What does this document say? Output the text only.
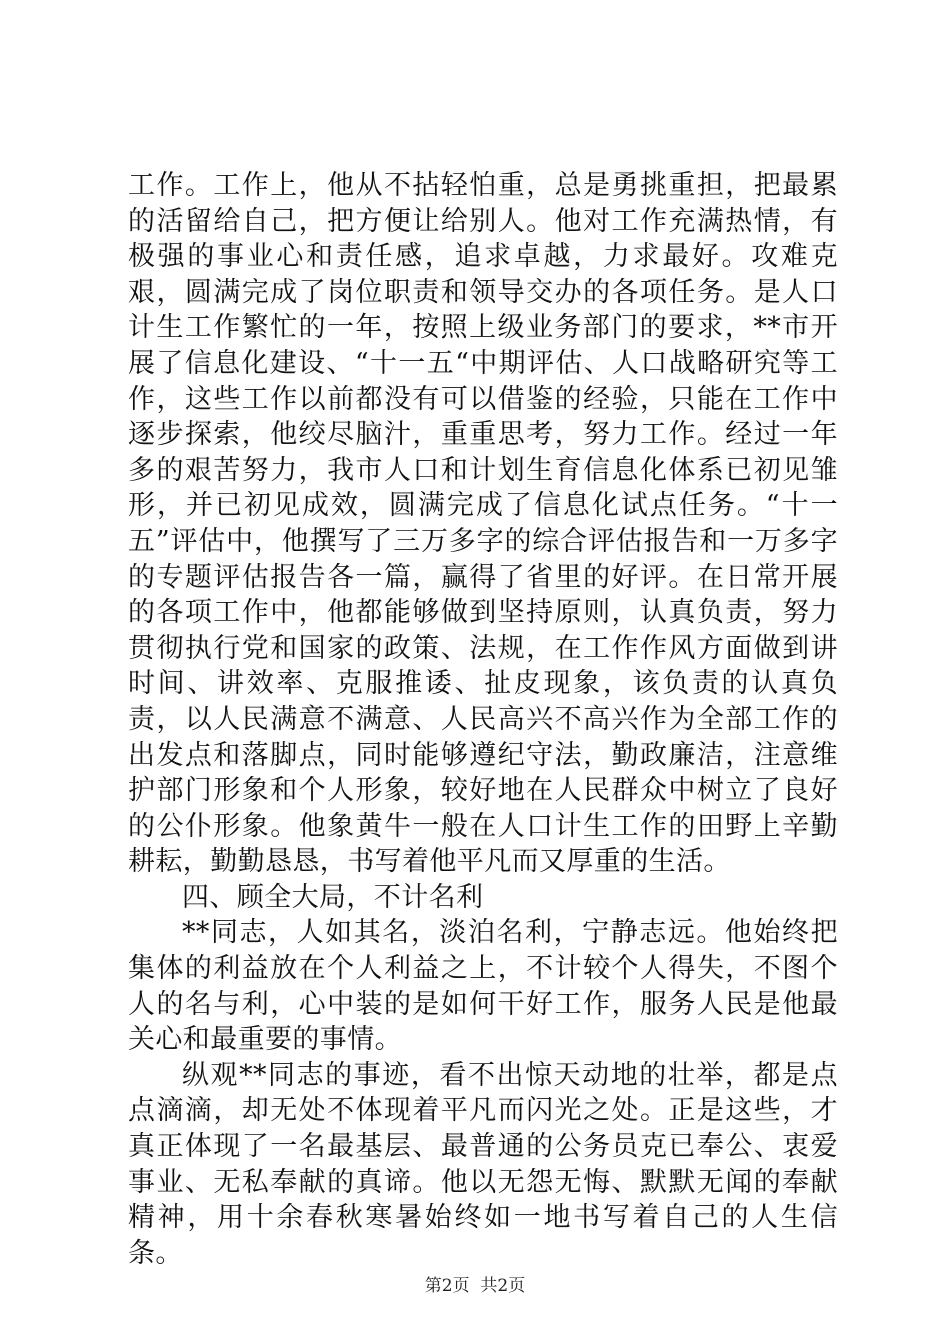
工作。工作上，他从不拈轻怕重，总是勇挑重担，把最累的活留给自己，把方便让给别人。他对工作充满热情，有极强的事业心和责任感，追求卓越，力求最好。攻难克艰，圆满完成了岗位职责和领导交办的各项任务。是人口计生工作繁忙的一年，按照上级业务部门的要求，**市开展了信息化建设、“十一五“中期评估、人口战略研究等工作，这些工作以前都没有可以借鉴的经验，只能在工作中逐步探索，他绞尽脑汁，重重思考，努力工作。经过一年多的艰苦努力，我市人口和计划生育信息化体系已初见雏形，并已初见成效，圆满完成了信息化试点任务。“十一五”评估中，他撰写了三万多字的综合评估报告和一万多字的专题评估报告各一篇，赢得了省里的好评。在日常开展的各项工作中，他都能够做到坚持原则，认真负责，努力贯彻执行党和国家的政策、法规，在工作作风方面做到讲时间、讲效率、克服推诿、扯皮现象，该负责的认真负责，以人民满意不满意、人民高兴不高兴作为全部工作的出发点和落脚点，同时能够遵纪守法，勤政廉洁，注意维护部门形象和个人形象，较好地在人民群众中树立了良好的公仆形象。他象黄牛一般在人口计生工作的田野上辛勤耕耘，勤勤恳恳，书写着他平凡而又厚重的生活。

四、顾全大局，不计名利

**同志，人如其名，淡泊名利，宁静志远。他始终把集体的利益放在个人利益之上，不计较个人得失，不图个人的名与利，心中装的是如何干好工作，服务人民是他最关心和最重要的事情。

纵观**同志的事迹，看不出惊天动地的壮举，都是点点滴滴，却无处不体现着平凡而闪光之处。正是这些，才真正体现了一名最基层、最普通的公务员克已奉公、衷爱事业、无私奉献的真谛。他以无怨无悔、默默无闻的奉献精神，用十余春秋寒暑始终如一地书写着自己的人生信条。

第2页  共2页
